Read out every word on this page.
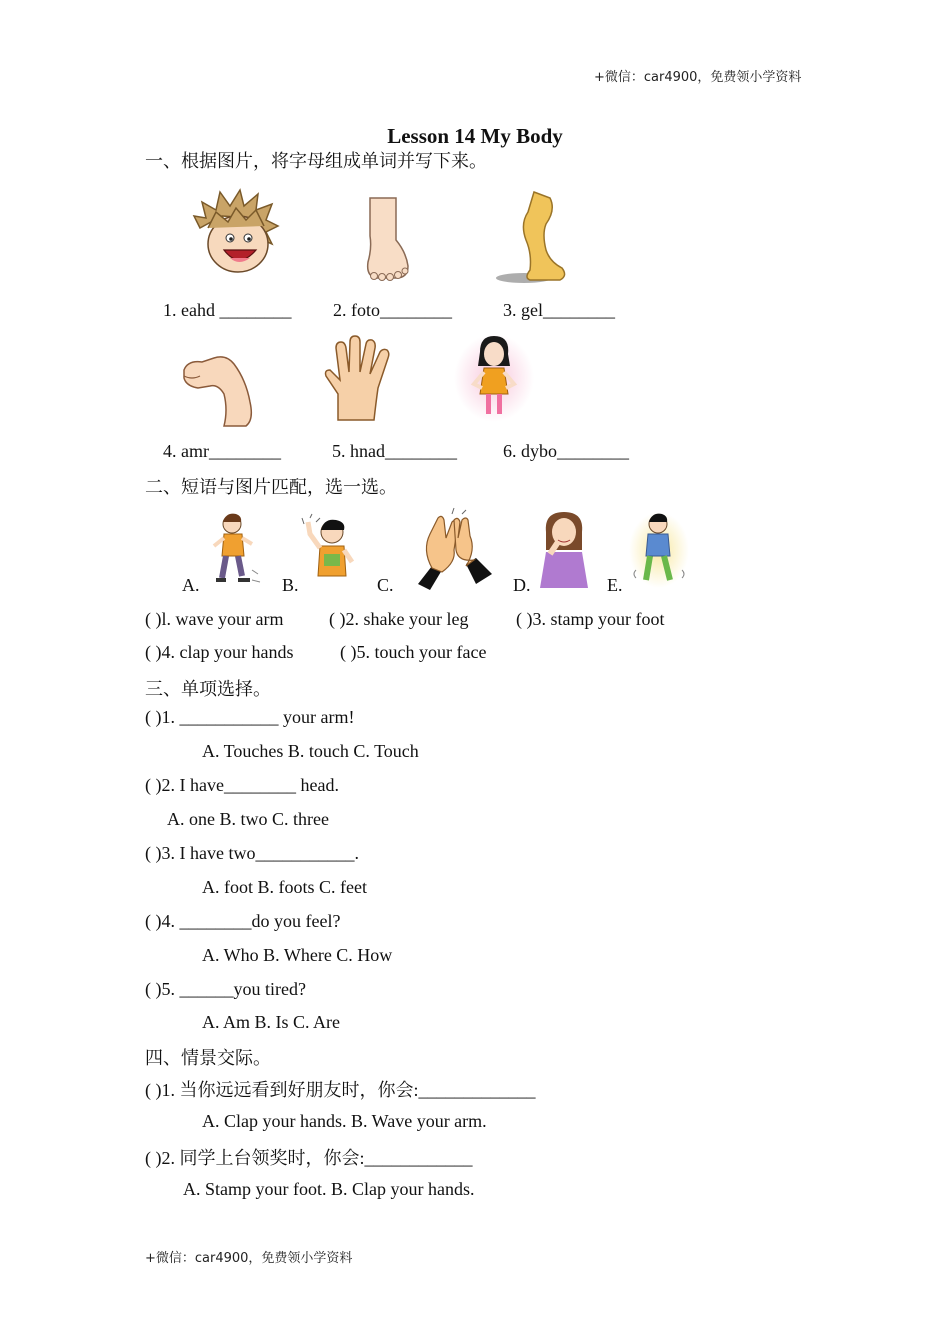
+微信：car4900，免费领小学资料
Lesson 14 My Body
一、根据图片，将字母组成单词并写下来。
1. eahd ________ 2. foto________	3. gel________
4. amr________	5. hnad________	6. dybo________
二、短语与图片匹配，选一选。
A.	B.	C.	D.	E.
( )l. wave your arm	( )2. shake your leg	( )3. stamp your foot
( )4. clap your hands	( )5. touch your face
三、单项选择。
( )1. ___________ your arm!
A. Touches B. touch C. Touch
( )2. I have________ head.
A. one B. two C. three
( )3. I have two___________.
A. foot B. foots C. feet
( )4. ________do you feel?
A. Who B. Where C. How
( )5. ______you tired?
A. Am B. Is C. Are
四、情景交际。
( )1. 当你远远看到好朋友时，你会:_____________
A. Clap your hands. B. Wave your arm.
( )2. 同学上台领奖时，你会:____________
A. Stamp your foot. B. Clap your hands.
+微信：car4900，免费领小学资料
